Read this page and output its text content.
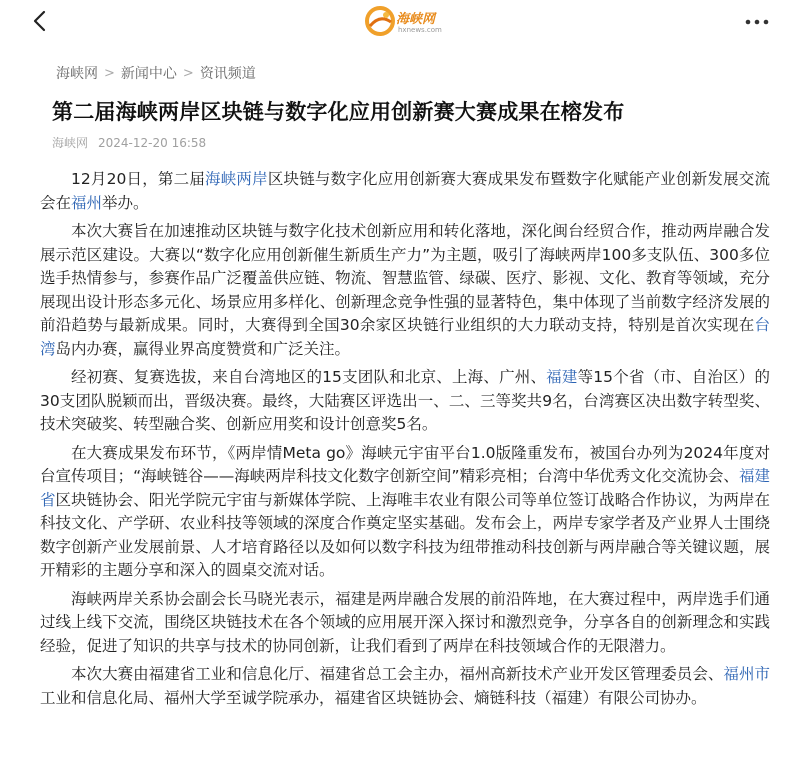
海峡网
hxnews.com
海峡网 > 新闻中心 > 资讯频道
第二届海峡两岸区块链与数字化应用创新赛大赛成果在榕发布
海峡网 2024-12-20 16:58

12月20日，第二届海峡两岸区块链与数字化应用创新赛大赛成果发布暨数字化赋能产业创新发展交流会在福州举办。

本次大赛旨在加速推动区块链与数字化技术创新应用和转化落地，深化闽台经贸合作，推动两岸融合发展示范区建设。大赛以“数字化应用创新催生新质生产力”为主题，吸引了海峡两岸100多支队伍、300多位选手热情参与，参赛作品广泛覆盖供应链、物流、智慧监管、绿碳、医疗、影视、文化、教育等领域，充分展现出设计形态多元化、场景应用多样化、创新理念竞争性强的显著特色，集中体现了当前数字经济发展的前沿趋势与最新成果。同时，大赛得到全国30余家区块链行业组织的大力联动支持，特别是首次实现在台湾岛内办赛，赢得业界高度赞赏和广泛关注。

经初赛、复赛选拔，来自台湾地区的15支团队和北京、上海、广州、福建等15个省（市、自治区）的30支团队脱颖而出，晋级决赛。最终，大陆赛区评选出一、二、三等奖共9名，台湾赛区决出数字转型奖、技术突破奖、转型融合奖、创新应用奖和设计创意奖5名。

在大赛成果发布环节，《两岸情Meta go》海峡元宇宙平台1.0版隆重发布，被国台办列为2024年度对台宣传项目；“海峡链谷——海峡两岸科技文化数字创新空间”精彩亮相；台湾中华优秀文化交流协会、福建省区块链协会、阳光学院元宇宙与新媒体学院、上海唯丰农业有限公司等单位签订战略合作协议，为两岸在科技文化、产学研、农业科技等领域的深度合作奠定坚实基础。发布会上，两岸专家学者及产业界人士围绕数字创新产业发展前景、人才培育路径以及如何以数字科技为纽带推动科技创新与两岸融合等关键议题，展开精彩的主题分享和深入的圆桌交流对话。

海峡两岸关系协会副会长马晓光表示，福建是两岸融合发展的前沿阵地，在大赛过程中，两岸选手们通过线上线下交流，围绕区块链技术在各个领域的应用展开深入探讨和激烈竞争，分享各自的创新理念和实践经验，促进了知识的共享与技术的协同创新，让我们看到了两岸在科技领域合作的无限潜力。

本次大赛由福建省工业和信息化厅、福建省总工会主办，福州高新技术产业开发区管理委员会、福州市工业和信息化局、福州大学至诚学院承办，福建省区块链协会、熵链科技（福建）有限公司协办。
